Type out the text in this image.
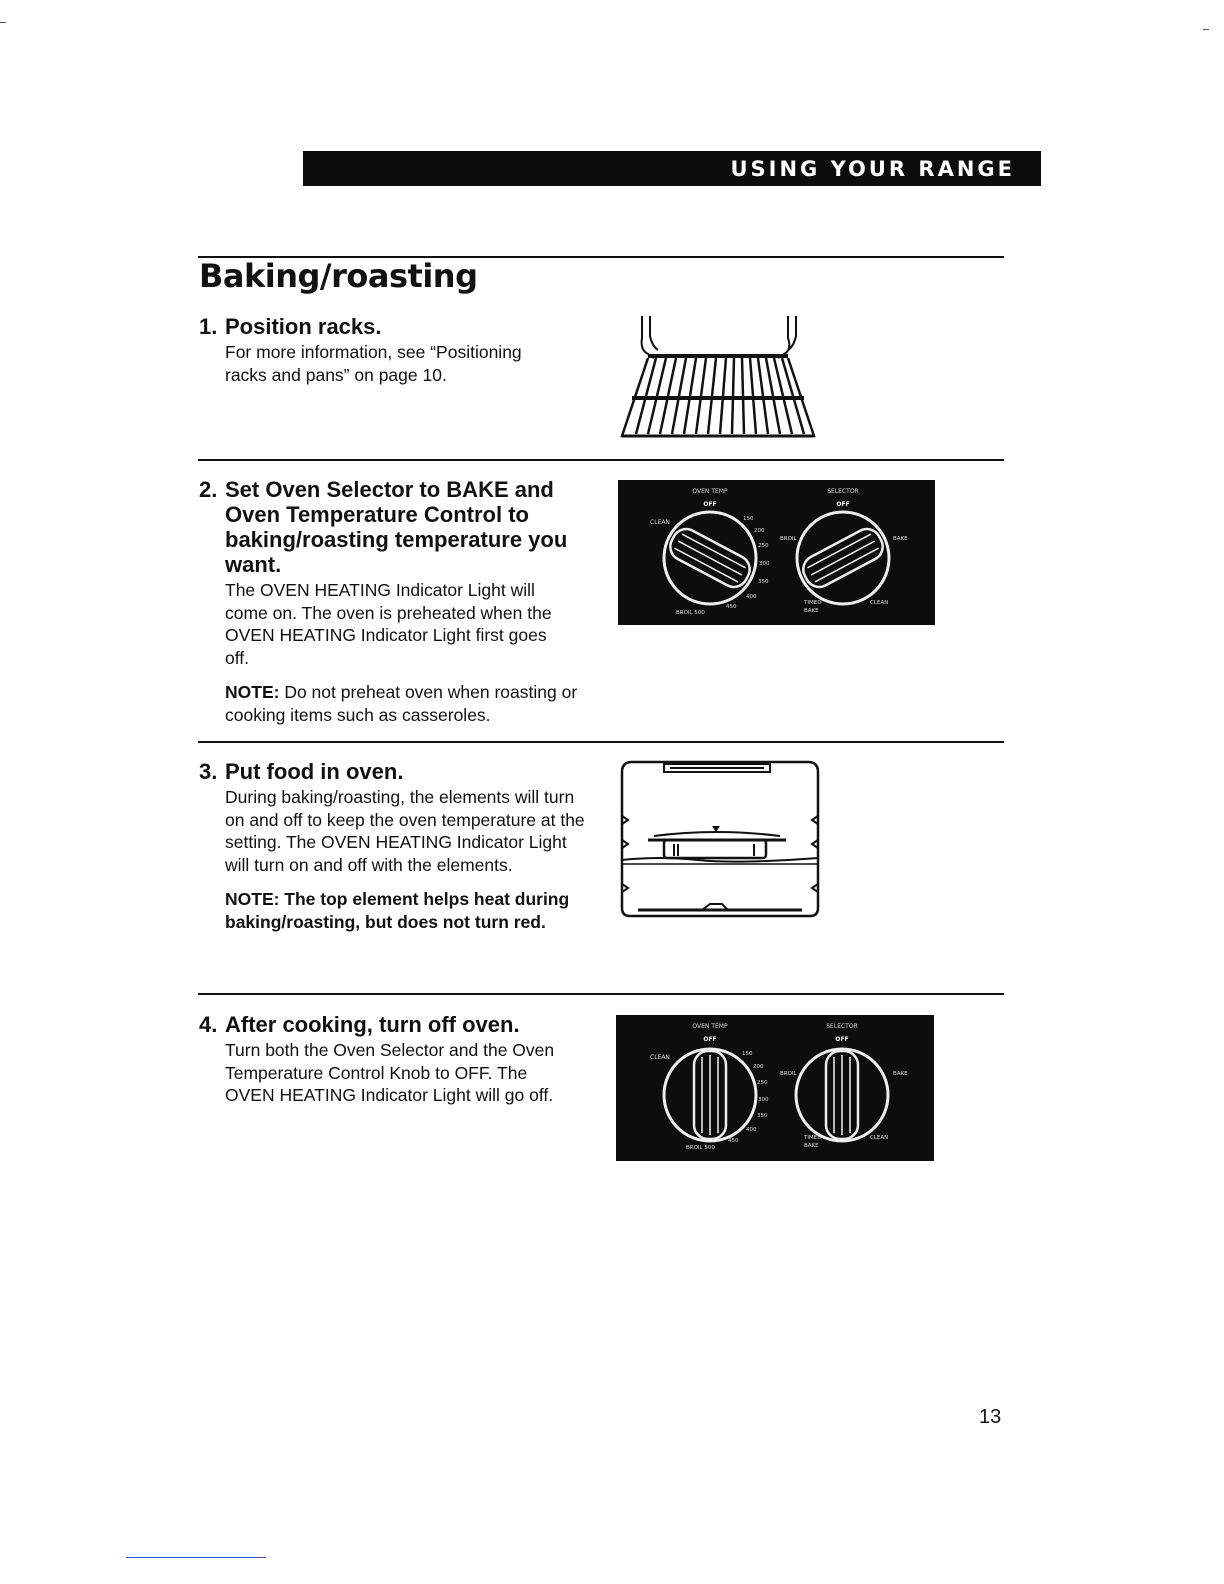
USING YOUR RANGE
Baking/roasting
1. Position racks.
For more information, see “Positioning racks and pans” on page 10.
2. Set Oven Selector to BAKE and Oven Temperature Control to baking/roasting temperature you want.
The OVEN HEATING Indicator Light will come on. The oven is preheated when the OVEN HEATING Indicator Light first goes off.
NOTE: Do not preheat oven when roasting or cooking items such as casseroles.
OVEN TEMP	SELECTOR
OFF	OFF
CLEAN	150
200
250
300
350
400
450
BROIL 500
BROIL	BAKE
TIMED
BAKE
CLEAN
3. Put food in oven.
During baking/roasting, the elements will turn on and off to keep the oven temperature at the setting. The OVEN HEATING Indicator Light will turn on and off with the elements.
NOTE: The top element helps heat during baking/roasting, but does not turn red.
4. After cooking, turn off oven.
Turn both the Oven Selector and the Oven Temperature Control Knob to OFF. The OVEN HEATING Indicator Light will go off.
OVEN TEMP	SELECTOR
OFF	OFF
CLEAN	150
200
250
300
350
400
450
BROIL 500
BROIL	BAKE
TIMED
BAKE
CLEAN
13
